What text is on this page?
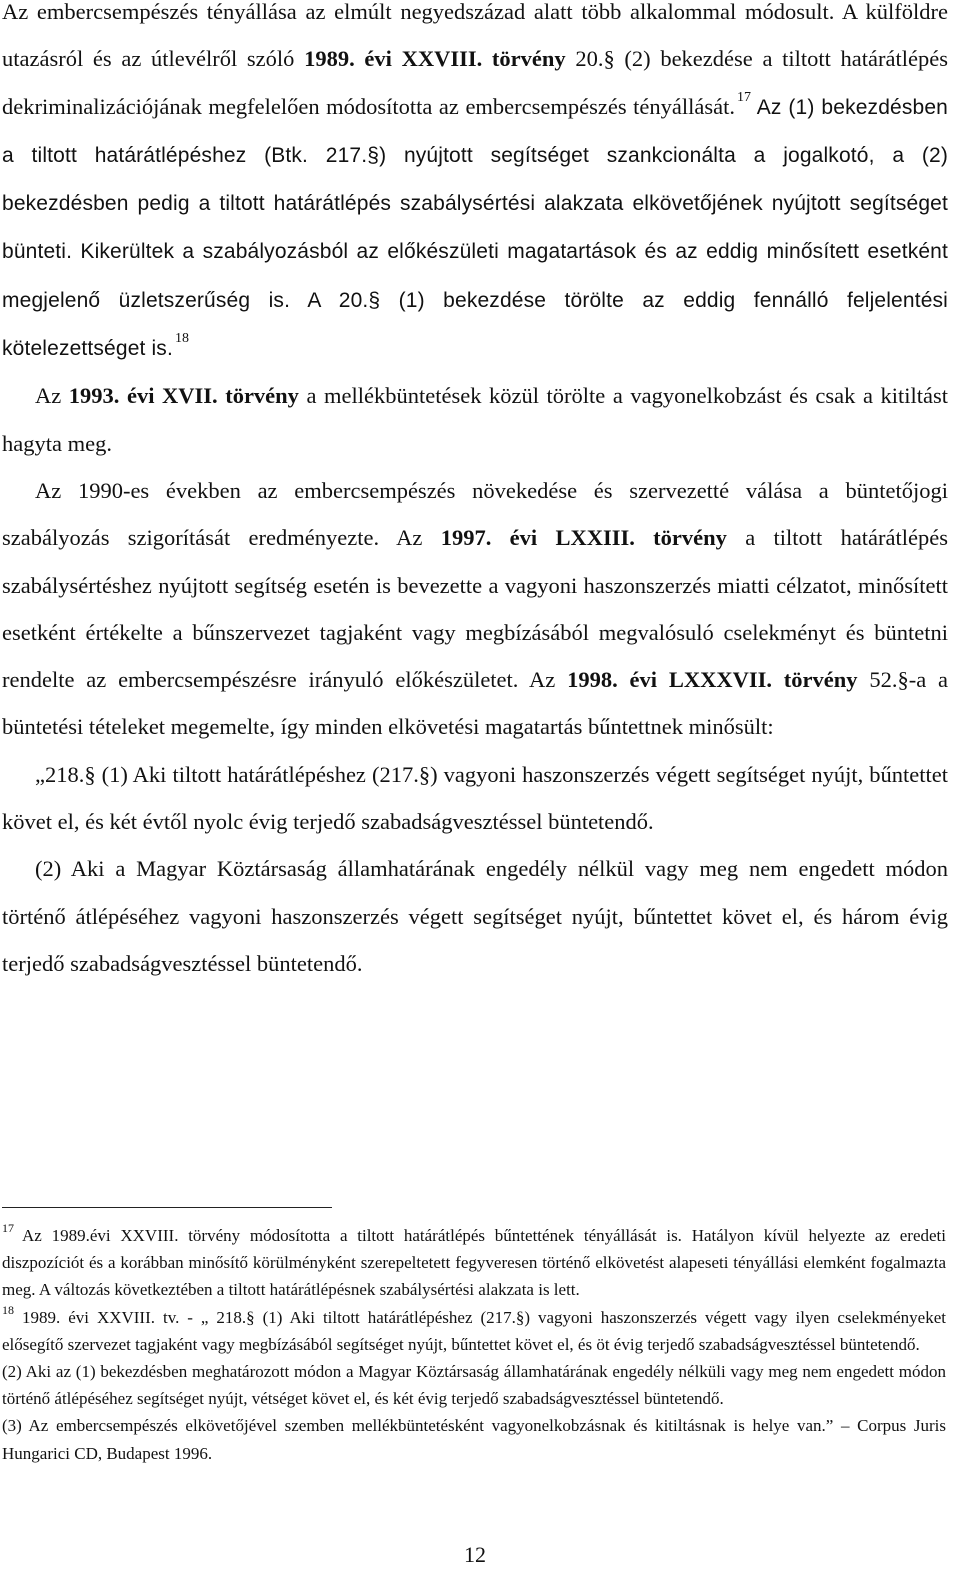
Az embercsempészés tényállása az elmúlt negyedszázad alatt több alkalommal módosult. A külföldre utazásról és az útlevélről szóló 1989. évi XXVIII. törvény 20.§ (2) bekezdése a tiltott határátlépés dekriminalizációjának megfelelően módosította az embercsempészés tényállását. $^{17}$ Az (1) bekezdésben a tiltott határátlépéshez (Btk. 217.§) nyújtott segítséget szankcionálta a jogalkotó, a (2) bekezdésben pedig a tiltott határátlépés szabálysértési alakzata elkövetőjének nyújtott segítséget bünteti. Kikerültek a szabályozásból az előkészületi magatartások és az eddig minősített esetként megjelenő üzletszerűség is. A 20.§ (1) bekezdése törölte az eddig fennálló feljelentési kötelezettséget is. $^{18}$

Az 1993. évi XVII. törvény a mellékbüntetések közül törölte a vagyonelkobzást és csak a kitiltást hagyta meg.

Az 1990-es években az embercsempészés növekedése és szervezetté válása a büntetőjogi szabályozás szigorítását eredményezte. Az 1997. évi LXXIII. törvény a tiltott határátlépés szabálysértéshez nyújtott segítség esetén is bevezette a vagyoni haszonszerzés miatti célzatot, minősített esetként értékelte a bűnszervezet tagjaként vagy megbízásából megvalósuló cselekményt és büntetni rendelte az embercsempészésre irányuló előkészületet. Az 1998. évi LXXXVII. törvény 52.§-a a büntetési tételeket megemelte, így minden elkövetési magatartás bűntettnek minősült:

„218.§ (1) Aki tiltott határátlépéshez (217.§) vagyoni haszonszerzés végett segítséget nyújt, bűntettet követ el, és két évtől nyolc évig terjedő szabadságvesztéssel büntetendő.

(2) Aki a Magyar Köztársaság államhatárának engedély nélkül vagy meg nem engedett módon történő átlépéséhez vagyoni haszonszerzés végett segítséget nyújt, bűntettet követ el, és három évig terjedő szabadságvesztéssel büntetendő.

$^{17}$ Az 1989.évi XXVIII. törvény módosította a tiltott határátlépés bűntettének tényállását is. Hatályon kívül helyezte az eredeti diszpozíciót és a korábban minősítő körülményként szerepeltetett fegyveresen történő elkövetést alapeseti tényállási elemként fogalmazta meg. A változás következtében a tiltott határátlépésnek szabálysértési alakzata is lett.

$^{18}$ 1989. évi XXVIII. tv. - „ 218.§ (1) Aki tiltott határátlépéshez (217.§) vagyoni haszonszerzés végett vagy ilyen cselekményeket elősegítő szervezet tagjaként vagy megbízásából segítséget nyújt, bűntettet követ el, és öt évig terjedő szabadságvesztéssel büntetendő.

(2) Aki az (1) bekezdésben meghatározott módon a Magyar Köztársaság államhatárának engedély nélküli vagy meg nem engedett módon történő átlépéséhez segítséget nyújt, vétséget követ el, és két évig terjedő szabadságvesztéssel büntetendő.

(3) Az embercsempészés elkövetőjével szemben mellékbüntetésként vagyonelkobzásnak és kitiltásnak is helye van.” – Corpus Juris Hungarici CD, Budapest 1996.

12
